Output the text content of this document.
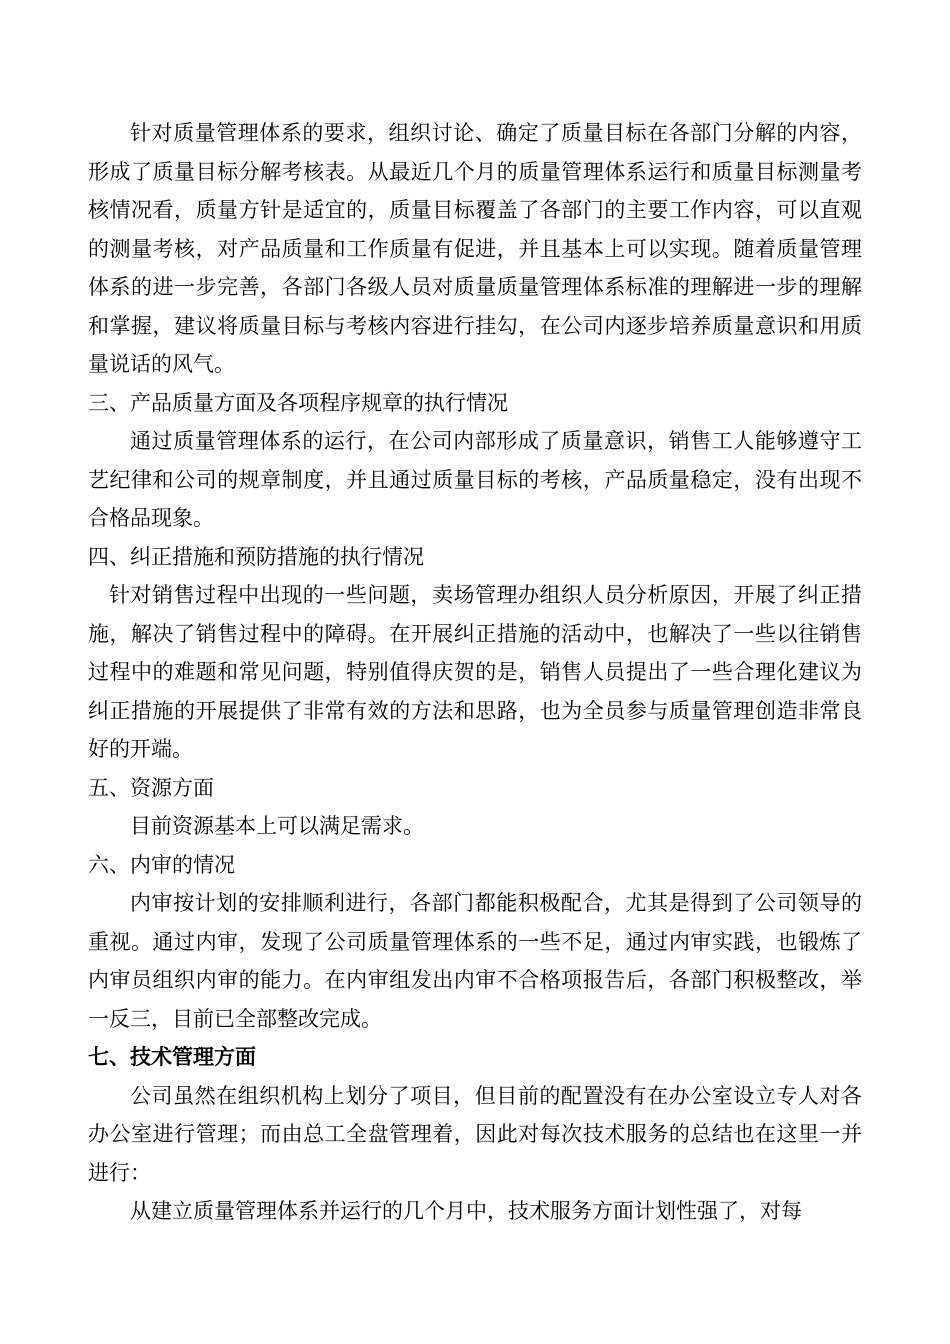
针对质量管理体系的要求，组织讨论、确定了质量目标在各部门分解的内容，形成了质量目标分解考核表。从最近几个月的质量管理体系运行和质量目标测量考核情况看，质量方针是适宜的，质量目标覆盖了各部门的主要工作内容，可以直观的测量考核，对产品质量和工作质量有促进，并且基本上可以实现。随着质量管理体系的进一步完善，各部门各级人员对质量质量管理体系标准的理解进一步的理解和掌握，建议将质量目标与考核内容进行挂勾，在公司内逐步培养质量意识和用质量说话的风气。

三、产品质量方面及各项程序规章的执行情况

通过质量管理体系的运行，在公司内部形成了质量意识，销售工人能够遵守工艺纪律和公司的规章制度，并且通过质量目标的考核，产品质量稳定，没有出现不合格品现象。

四、纠正措施和预防措施的执行情况

针对销售过程中出现的一些问题，卖场管理办组织人员分析原因，开展了纠正措施，解决了销售过程中的障碍。在开展纠正措施的活动中，也解决了一些以往销售过程中的难题和常见问题，特别值得庆贺的是，销售人员提出了一些合理化建议为纠正措施的开展提供了非常有效的方法和思路，也为全员参与质量管理创造非常良好的开端。

五、资源方面

目前资源基本上可以满足需求。

六、内审的情况

内审按计划的安排顺利进行，各部门都能积极配合，尤其是得到了公司领导的重视。通过内审，发现了公司质量管理体系的一些不足，通过内审实践，也锻炼了内审员组织内审的能力。在内审组发出内审不合格项报告后，各部门积极整改，举一反三，目前已全部整改完成。

七、技术管理方面

公司虽然在组织机构上划分了项目，但目前的配置没有在办公室设立专人对各办公室进行管理；而由总工全盘管理着，因此对每次技术服务的总结也在这里一并进行：

从建立质量管理体系并运行的几个月中，技术服务方面计划性强了，对每
